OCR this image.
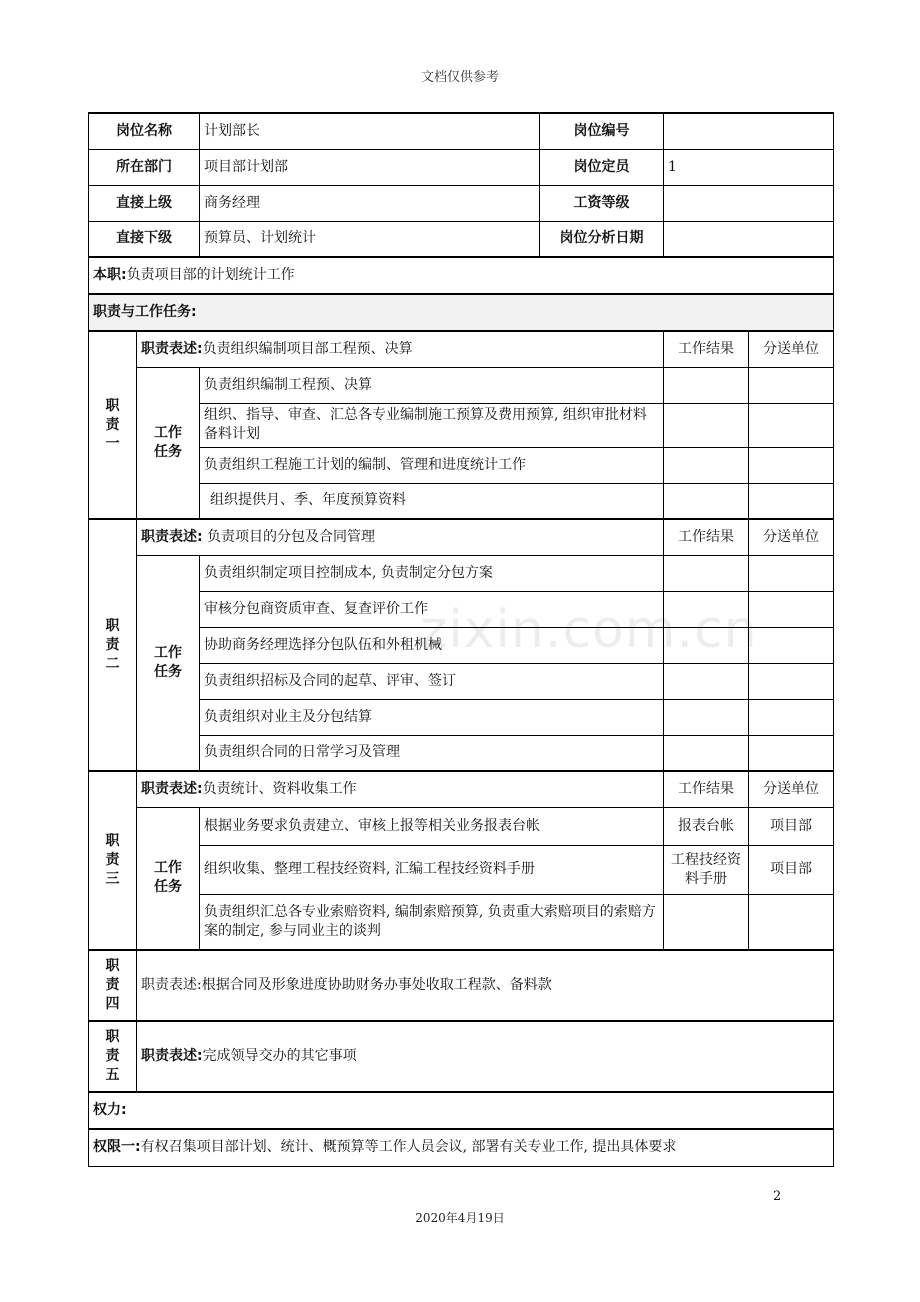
文档仅供参考
zixin.com.cn
岗位名称		计划部长	岗位编号		
所在部门		项目部计划部	岗位定员	1	
直接上级		商务经理	工资等级		
直接下级		预算员、计划统计	岗位分析日期		
本职:负责项目部的计划统计工作					
职责与工作任务:					

职
责
一	职责表述:负责组织编制项目部工程预、决算			工作结果	分送单位

	工作
任务	负责组织编制工程预、决算			
		组织、指导、审查、汇总各专业编制施工预算及费用预算, 组织审批材料备料计划			
		负责组织工程施工计划的编制、管理和进度统计工作			
		组织提供月、季、年度预算资料			

职
责
二	职责表述: 负责项目的分包及合同管理			工作结果	分送单位

	工作
任务	负责组织制定项目控制成本, 负责制定分包方案			
		审核分包商资质审查、复查评价工作			
		协助商务经理选择分包队伍和外租机械			
		负责组织招标及合同的起草、评审、签订			
		负责组织对业主及分包结算			
		负责组织合同的日常学习及管理			

职
责
三	职责表述:负责统计、资料收集工作			工作结果	分送单位

	工作
任务	根据业务要求负责建立、审核上报等相关业务报表台帐		报表台帐	项目部
		组织收集、整理工程技经资料, 汇编工程技经资料手册		工程技经资料手册	项目部
		负责组织汇总各专业索赔资料, 编制索赔预算, 负责重大索赔项目的索赔方案的制定, 参与同业主的谈判			

职
责
四	职责表述:根据合同及形象进度协助财务办事处收取工程款、备料款				

职
责
五	职责表述:完成领导交办的其它事项				
权力:					
权限一:有权召集项目部计划、统计、概预算等工作人员会议, 部署有关专业工作, 提出具体要求					
2
2020年4月19日
